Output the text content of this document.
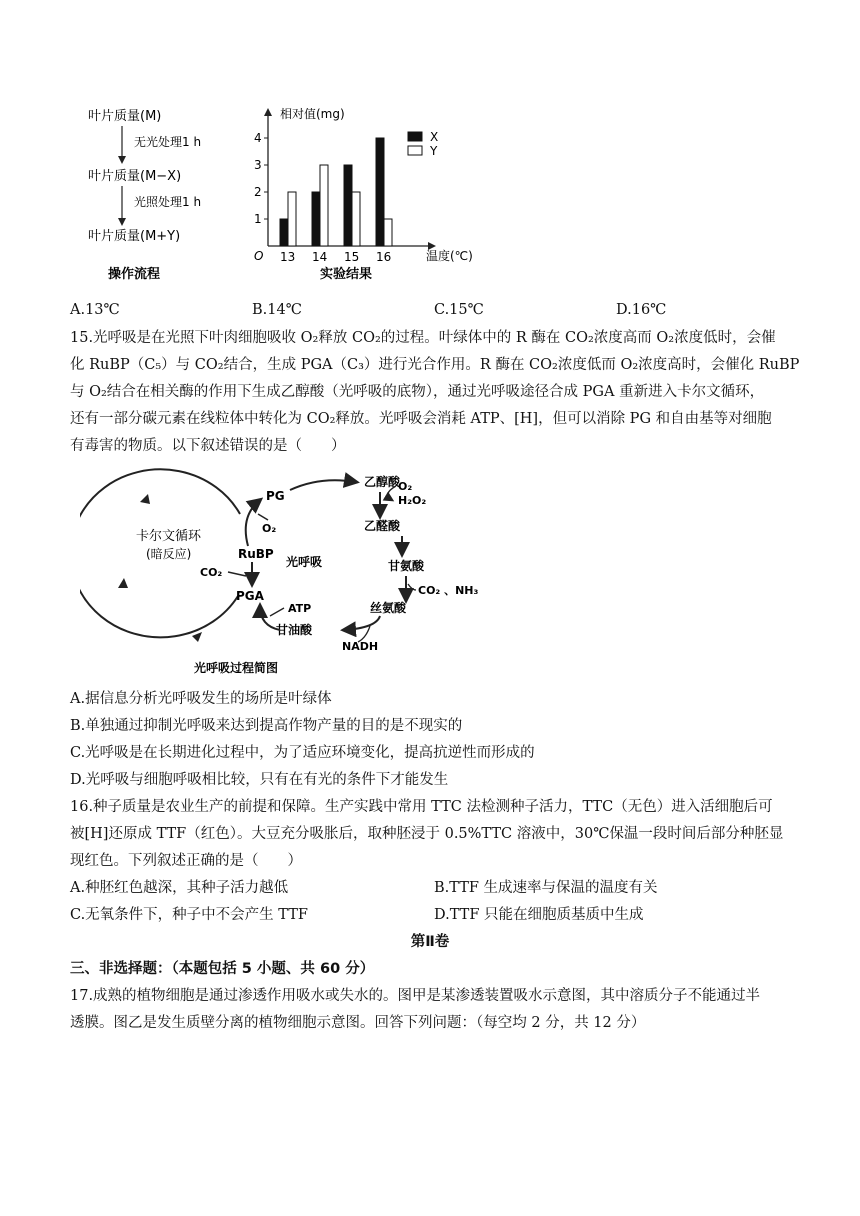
叶片质量(M)
无光处理1 h
叶片质量(M−X)
光照处理1 h
叶片质量(M+Y)
操作流程
相对值(mg)
温度(℃)
O
1
2
3
4
13 14 15 16
X
Y
实验结果
A.13℃	B.14℃	C.15℃	D.16℃
15.光呼吸是在光照下叶肉细胞吸收 O₂释放 CO₂的过程。叶绿体中的 R 酶在 CO₂浓度高而 O₂浓度低时，会催
化 RuBP（C₅）与 CO₂结合，生成 PGA（C₃）进行光合作用。R 酶在 CO₂浓度低而 O₂浓度高时，会催化 RuBP
与 O₂结合在相关酶的作用下生成乙醇酸（光呼吸的底物），通过光呼吸途径合成 PGA 重新进入卡尔文循环，
还有一部分碳元素在线粒体中转化为 CO₂释放。光呼吸会消耗 ATP、[H]，但可以消除 PG 和自由基等对细胞
有毒害的物质。以下叙述错误的是（　　）
卡尔文循环
(暗反应)	RuBP
PG
O₂
CO₂
PGA
乙醇酸
O₂
H₂O₂
乙醛酸
光呼吸	甘氨酸
CO₂ 、NH₃
丝氨酸
甘油酸
NADH
ATP
光呼吸过程简图
A.据信息分析光呼吸发生的场所是叶绿体
B.单独通过抑制光呼吸来达到提高作物产量的目的是不现实的
C.光呼吸是在长期进化过程中，为了适应环境变化，提高抗逆性而形成的
D.光呼吸与细胞呼吸相比较，只有在有光的条件下才能发生
16.种子质量是农业生产的前提和保障。生产实践中常用 TTC 法检测种子活力，TTC（无色）进入活细胞后可
被[H]还原成 TTF（红色）。大豆充分吸胀后，取种胚浸于 0.5%TTC 溶液中，30℃保温一段时间后部分种胚显
现红色。下列叙述正确的是（　　）
A.种胚红色越深，其种子活力越低	B.TTF 生成速率与保温的温度有关
C.无氧条件下，种子中不会产生 TTF	D.TTF 只能在细胞质基质中生成
第Ⅱ卷
三、非选择题：（本题包括 5 小题、共 60 分）
17.成熟的植物细胞是通过渗透作用吸水或失水的。图甲是某渗透装置吸水示意图，其中溶质分子不能通过半
透膜。图乙是发生质壁分离的植物细胞示意图。回答下列问题：（每空均 2 分，共 12 分）
